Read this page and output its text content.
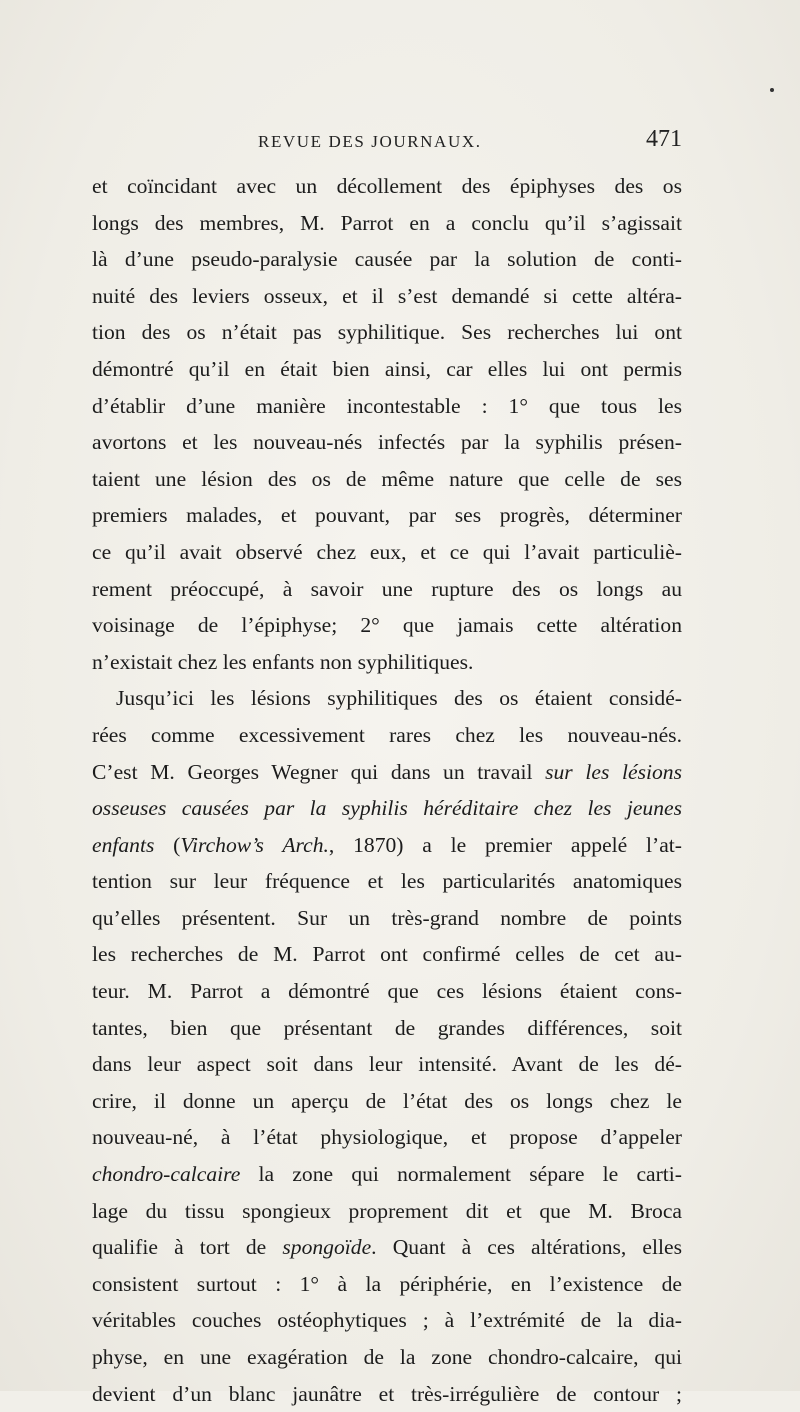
REVUE DES JOURNAUX.	471
et coïncidant avec un décollement des épiphyses des os
longs des membres, M. Parrot en a conclu qu’il s’agissait
là d’une pseudo-paralysie causée par la solution de conti-
nuité des leviers osseux, et il s’est demandé si cette altéra-
tion des os n’était pas syphilitique. Ses recherches lui ont
démontré qu’il en était bien ainsi, car elles lui ont permis
d’établir d’une manière incontestable : 1° que tous les
avortons et les nouveau-nés infectés par la syphilis présen-
taient une lésion des os de même nature que celle de ses
premiers malades, et pouvant, par ses progrès, déterminer
ce qu’il avait observé chez eux, et ce qui l’avait particuliè-
rement préoccupé, à savoir une rupture des os longs au
voisinage de l’épiphyse; 2° que jamais cette altération
n’existait chez les enfants non syphilitiques.
Jusqu’ici les lésions syphilitiques des os étaient considé-
rées comme excessivement rares chez les nouveau-nés.
C’est M. Georges Wegner qui dans un travail sur les lésions
osseuses causées par la syphilis héréditaire chez les jeunes
enfants (Virchow’s Arch., 1870) a le premier appelé l’at-
tention sur leur fréquence et les particularités anatomiques
qu’elles présentent. Sur un très-grand nombre de points
les recherches de M. Parrot ont confirmé celles de cet au-
teur. M. Parrot a démontré que ces lésions étaient cons-
tantes, bien que présentant de grandes différences, soit
dans leur aspect soit dans leur intensité. Avant de les dé-
crire, il donne un aperçu de l’état des os longs chez le
nouveau-né, à l’état physiologique, et propose d’appeler
chondro-calcaire la zone qui normalement sépare le carti-
lage du tissu spongieux proprement dit et que M. Broca
qualifie à tort de spongoïde. Quant à ces altérations, elles
consistent surtout : 1° à la périphérie, en l’existence de
véritables couches ostéophytiques ; à l’extrémité de la dia-
physe, en une exagération de la zone chondro-calcaire, qui
devient d’un blanc jaunâtre et très-irrégulière de contour ;
